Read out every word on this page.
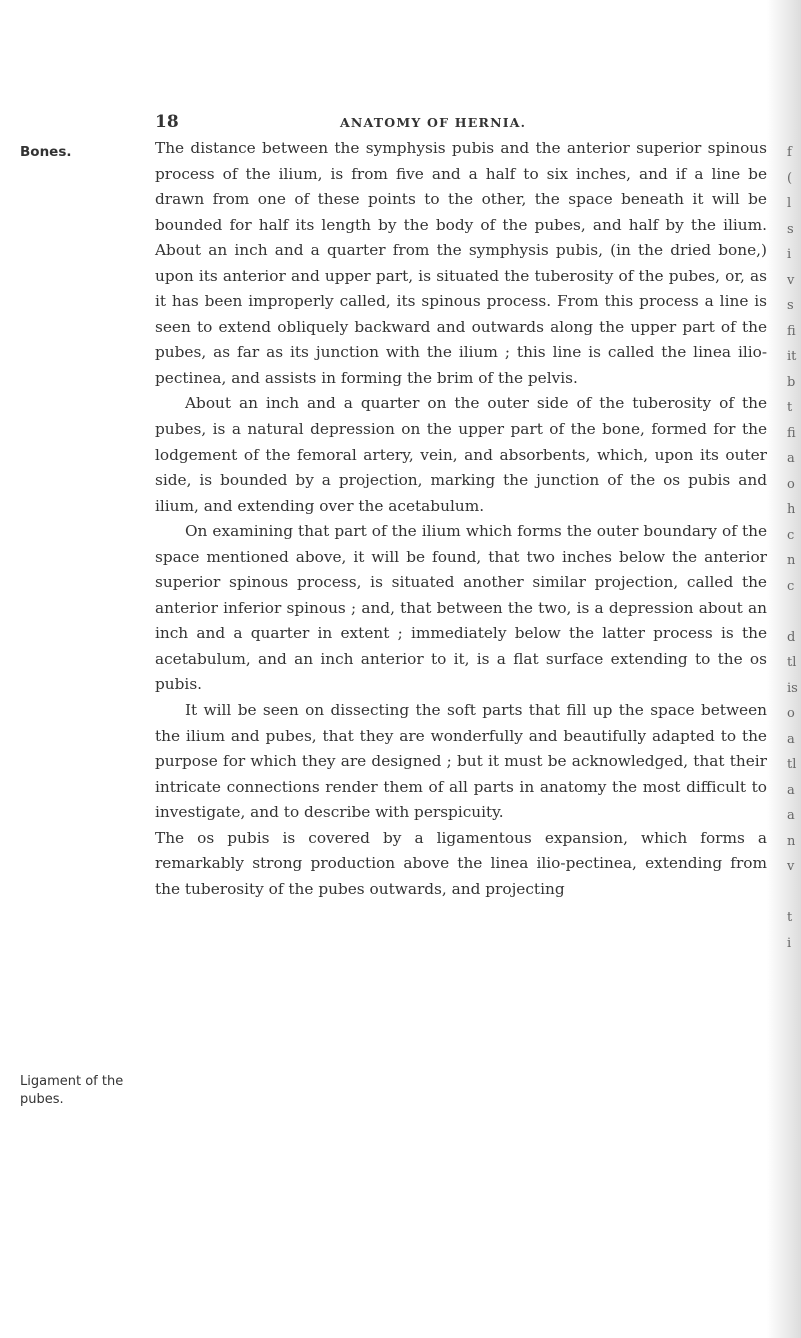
f
(
l
s
i
v
s
fi
it
b
t
fi
a
o
h
c
n
c

d
tl
is
o
a
tl
a
a
n
v

t
i
18	ANATOMY OF HERNIA.
Bones.
Ligament of the pubes.

The distance between the symphysis pubis and the anterior superior spinous process of the ilium, is from five and a half to six inches, and if a line be drawn from one of these points to the other, the space beneath it will be bounded for half its length by the body of the pubes, and half by the ilium. About an inch and a quarter from the symphysis pubis, (in the dried bone,) upon its anterior and upper part, is situated the tuberosity of the pubes, or, as it has been improperly called, its spinous process. From this process a line is seen to extend obliquely backward and outwards along the upper part of the pubes, as far as its junction with the ilium ; this line is called the linea ilio-pectinea, and assists in forming the brim of the pelvis.

About an inch and a quarter on the outer side of the tuberosity of the pubes, is a natural depression on the upper part of the bone, formed for the lodgement of the femoral artery, vein, and absorbents, which, upon its outer side, is bounded by a projection, marking the junction of the os pubis and ilium, and extending over the acetabulum.

On examining that part of the ilium which forms the outer boundary of the space mentioned above, it will be found, that two inches below the anterior superior spinous process, is situated another similar projection, called the anterior inferior spinous ; and, that between the two, is a depression about an inch and a quarter in extent ; immediately below the latter process is the acetabulum, and an inch anterior to it, is a flat surface extending to the os pubis.

It will be seen on dissecting the soft parts that fill up the space between the ilium and pubes, that they are wonderfully and beautifully adapted to the purpose for which they are designed ; but it must be acknowledged, that their intricate connections render them of all parts in anatomy the most difficult to investigate, and to describe with perspicuity.

The os pubis is covered by a ligamentous expansion, which forms a remarkably strong production above the linea ilio-pectinea, extending from the tuberosity of the pubes outwards, and projecting
